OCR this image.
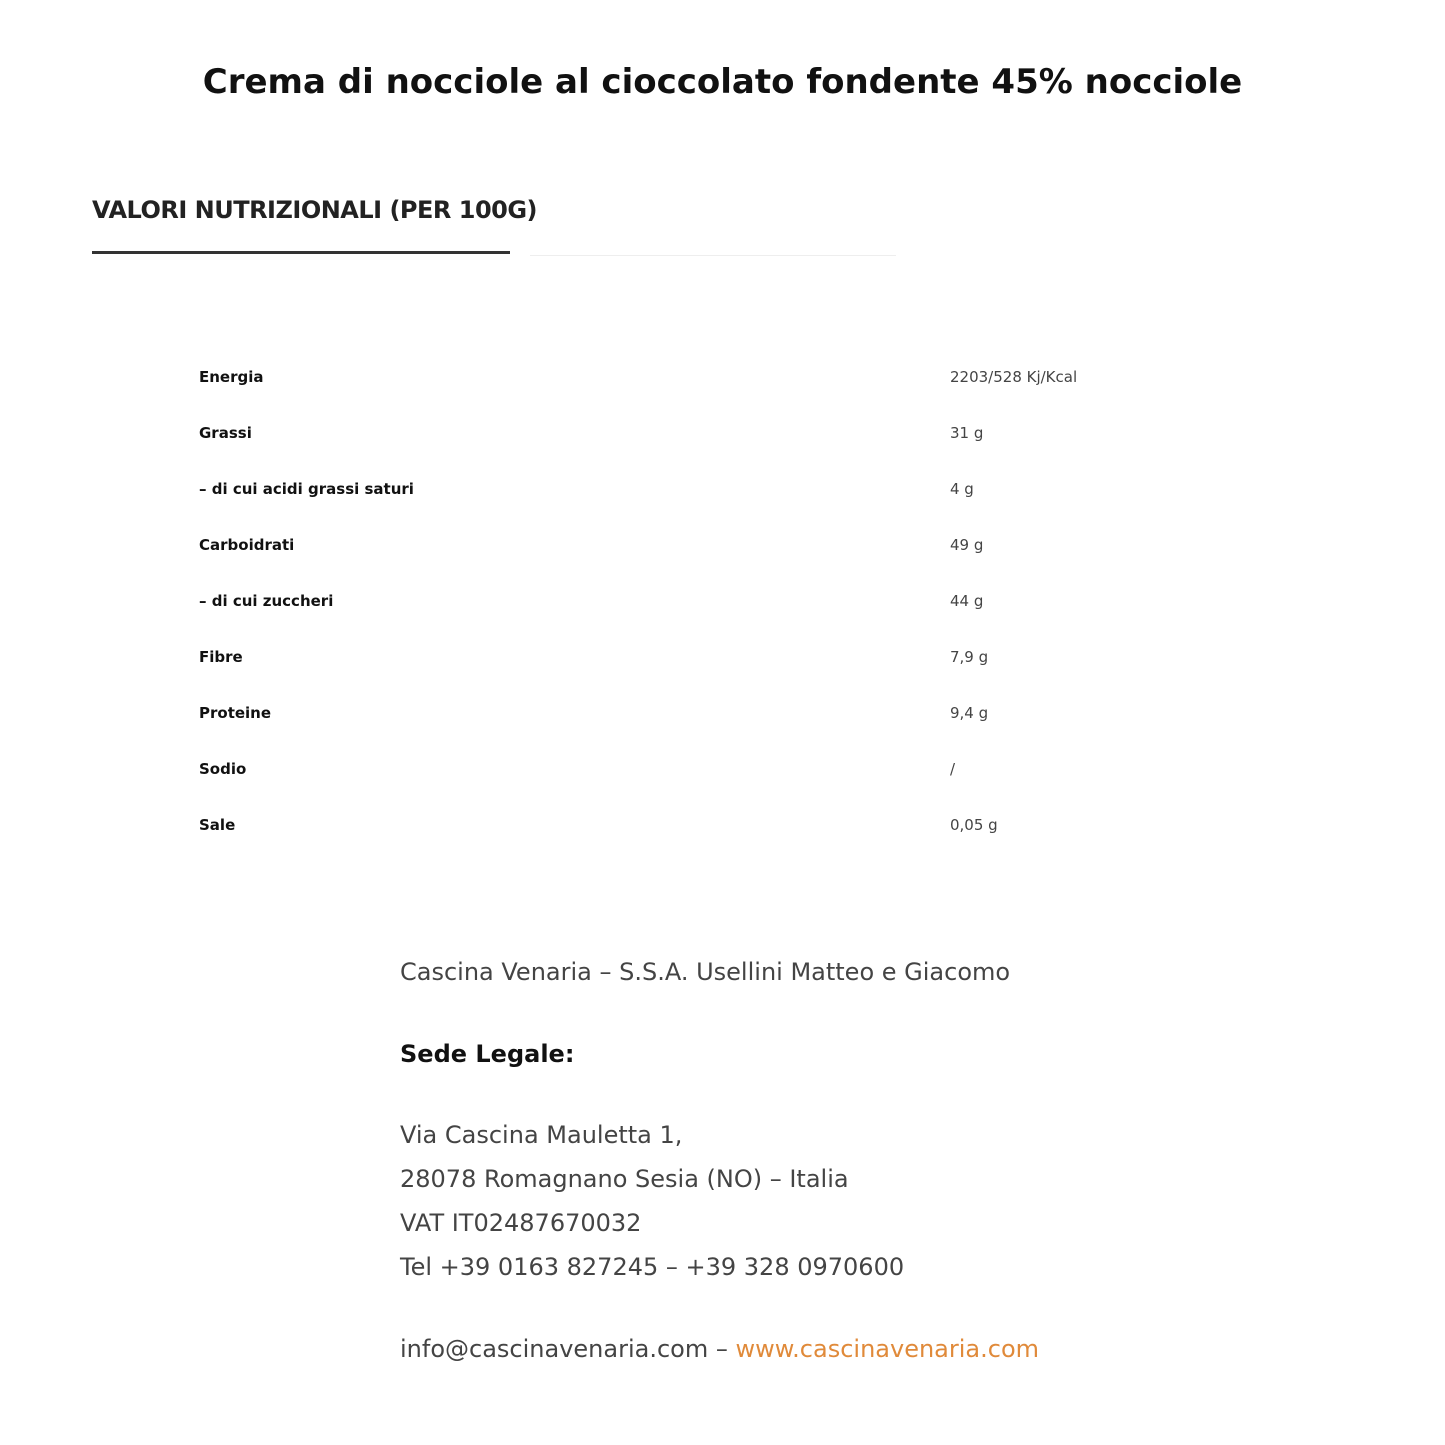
Crema di nocciole al cioccolato fondente 45% nocciole
VALORI NUTRIZIONALI (PER 100G)
Energia	2203/528 Kj/Kcal
Grassi	31 g
– di cui acidi grassi saturi	4 g
Carboidrati	49 g
– di cui zuccheri	44 g
Fibre	7,9 g
Proteine	9,4 g
Sodio	/
Sale	0,05 g
Cascina Venaria – S.S.A. Usellini Matteo e Giacomo
Sede Legale:
Via Cascina Mauletta 1,
28078 Romagnano Sesia (NO) – Italia
VAT IT02487670032
Tel +39 0163 827245 – +39 328 0970600
info@cascinavenaria.com – www.cascinavenaria.com
